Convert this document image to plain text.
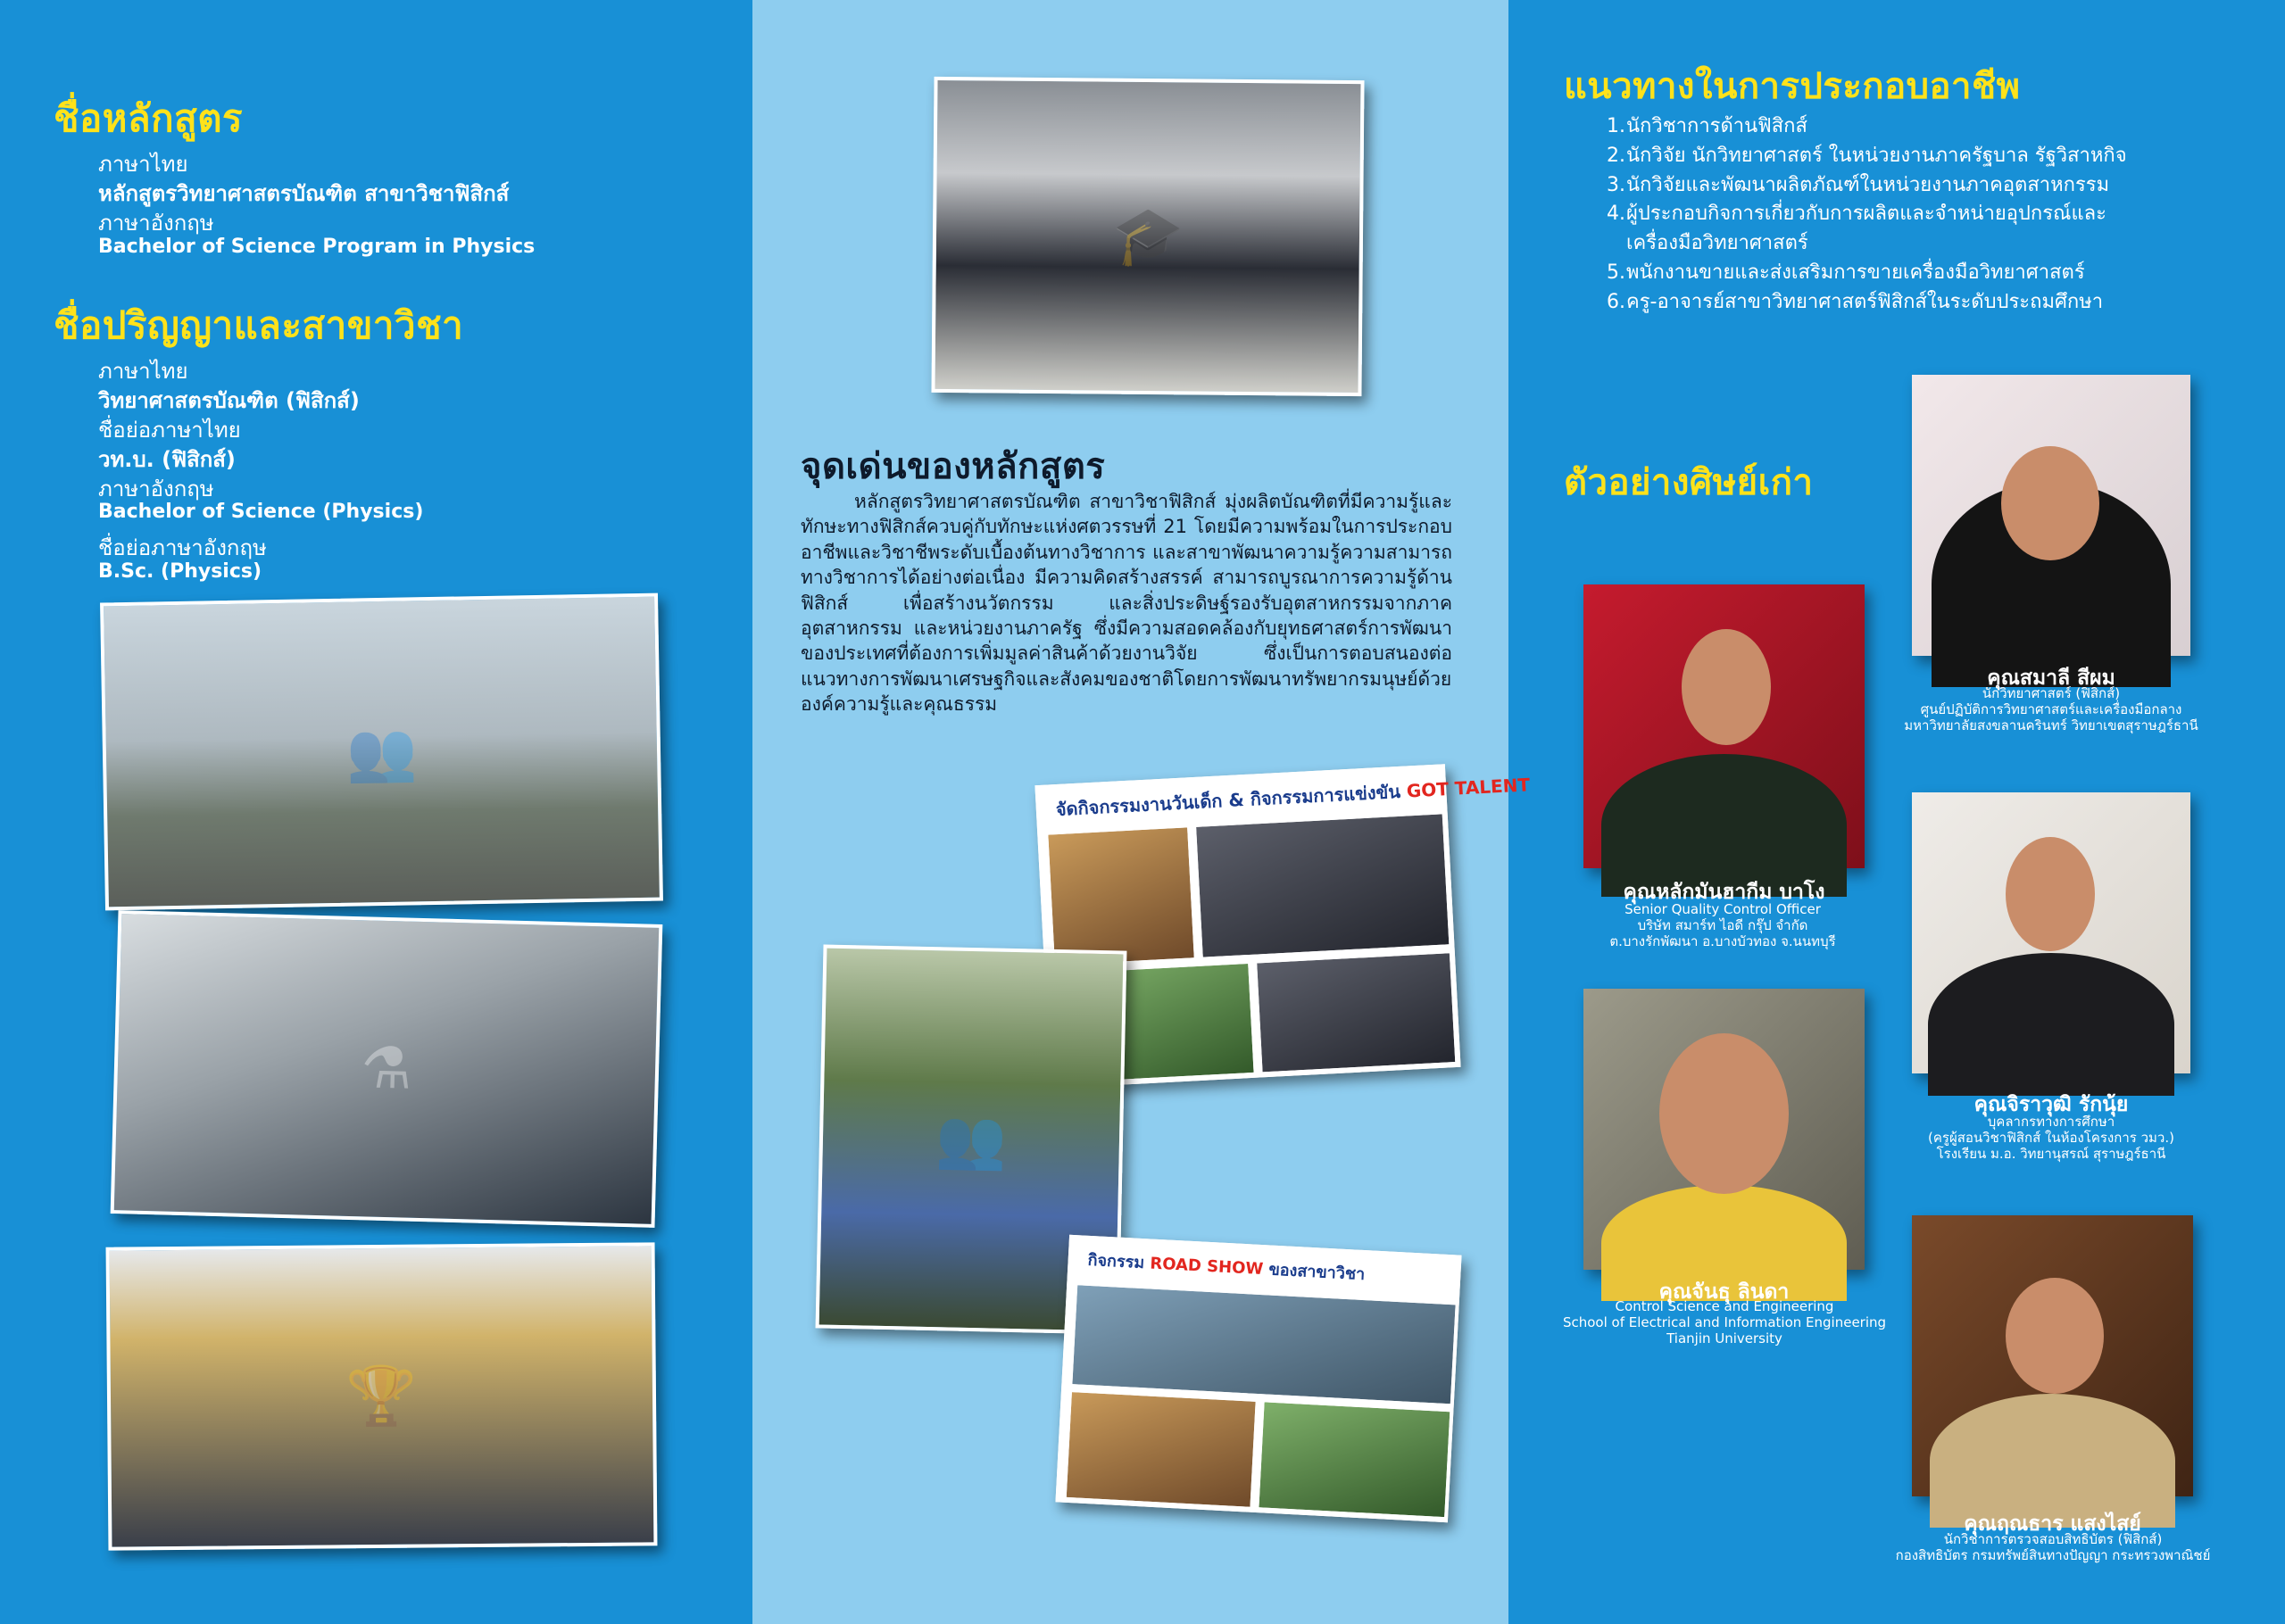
ชื่อหลักสูตร
ภาษาไทย
หลักสูตรวิทยาศาสตรบัณฑิต สาขาวิชาฟิสิกส์
ภาษาอังกฤษ
Bachelor of Science Program in Physics
ชื่อปริญญาและสาขาวิชา
ภาษาไทย
วิทยาศาสตรบัณฑิต (ฟิสิกส์)
ชื่อย่อภาษาไทย
วท.บ. (ฟิสิกส์)
ภาษาอังกฤษ
Bachelor of Science (Physics)
ชื่อย่อภาษาอังกฤษ
B.Sc. (Physics)
👥
⚗
🏆
🎓
จุดเด่นของหลักสูตร
หลักสูตรวิทยาศาสตรบัณฑิต สาขาวิชาฟิสิกส์ มุ่งผลิตบัณฑิตที่มีความรู้และทักษะทางฟิสิกส์ควบคู่กับทักษะแห่งศตวรรษที่ 21 โดยมีความพร้อมในการประกอบอาชีพและวิชาชีพระดับเบื้องต้นทางวิชาการ และสาขาพัฒนาความรู้ความสามารถทางวิชาการได้อย่างต่อเนื่อง มีความคิดสร้างสรรค์ สามารถบูรณาการความรู้ด้านฟิสิกส์ เพื่อสร้างนวัตกรรม และสิ่งประดิษฐ์รองรับอุตสาหกรรมจากภาคอุตสาหกรรม และหน่วยงานภาครัฐ ซึ่งมีความสอดคล้องกับยุทธศาสตร์การพัฒนาของประเทศที่ต้องการเพิ่มมูลค่าสินค้าด้วยงานวิจัย ซึ่งเป็นการตอบสนองต่อแนวทางการพัฒนาเศรษฐกิจและสังคมของชาติโดยการพัฒนาทรัพยากรมนุษย์ด้วยองค์ความรู้และคุณธรรม
จัดกิจกรรมงานวันเด็ก & กิจกรรมการแข่งขัน GOT TALENT
👥
กิจกรรม ROAD SHOW ของสาขาวิชา
แนวทางในการประกอบอาชีพ
1. นักวิชาการด้านฟิสิกส์
2. นักวิจัย นักวิทยาศาสตร์ ในหน่วยงานภาครัฐบาล รัฐวิสาหกิจ
3. นักวิจัยและพัฒนาผลิตภัณฑ์ในหน่วยงานภาคอุตสาหกรรม
4. ผู้ประกอบกิจการเกี่ยวกับการผลิตและจำหน่ายอุปกรณ์และ
เครื่องมือวิทยาศาสตร์
5. พนักงานขายและส่งเสริมการขายเครื่องมือวิทยาศาสตร์
6. ครู-อาจารย์สาขาวิทยาศาสตร์ฟิสิกส์ในระดับประถมศึกษา
ตัวอย่างศิษย์เก่า
คุณสมาลี สีผม
นักวิทยาศาสตร์ (ฟิสิกส์)
ศูนย์ปฏิบัติการวิทยาศาสตร์และเครื่องมือกลาง
มหาวิทยาลัยสงขลานครินทร์ วิทยาเขตสุราษฎร์ธานี
คุณหลักมันฮากีม บาโง
Senior Quality Control Officer
บริษัท สมาร์ท ไอดี กรุ๊ป จำกัด
ต.บางรักพัฒนา อ.บางบัวทอง จ.นนทบุรี
คุณจิราวุฒิ รักนุ้ย
บุคลากรทางการศึกษา
(ครูผู้สอนวิชาฟิสิกส์ ในห้องโครงการ วมว.)
โรงเรียน ม.อ. วิทยานุสรณ์ สุราษฎร์ธานี
คุณจันธุ ลินดา
Control Science and Engineering
School of Electrical and Information Engineering
Tianjin University
คุณฤณธาร แสงไสย์
นักวิชาการตรวจสอบสิทธิบัตร (ฟิสิกส์)
กองสิทธิบัตร กรมทรัพย์สินทางปัญญา กระทรวงพาณิชย์
